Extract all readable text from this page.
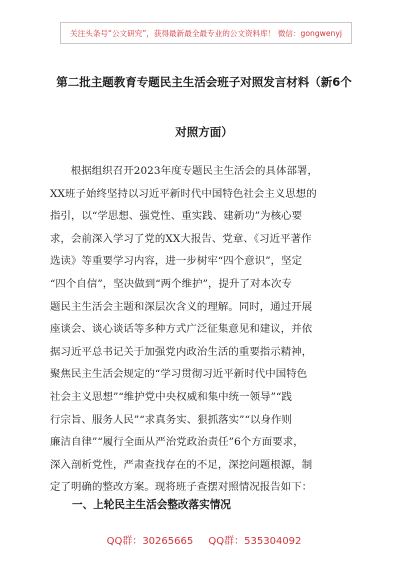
关注头条号“公文研究”，获得最新最全最专业的公文资料库！ 微信：gongwenyj
第二批主题教育专题民主生活会班子对照发言材料（新6个
对照方面）
根据组织召开2023年度专题民主生活会的具体部署，
XX班子始终坚持以习近平新时代中国特色社会主义思想的
指引，以“学思想、强党性、重实践、建新功”为核心要
求，会前深入学习了党的XX大报告、党章、《习近平著作
选读》等重要学习内容，进一步树牢“四个意识”，坚定
“四个自信”，坚决做到“两个维护”，提升了对本次专
题民主生活会主题和深层次含义的理解。同时，通过开展
座谈会、谈心谈话等多种方式广泛征集意见和建议，并依
据习近平总书记关于加强党内政治生活的重要指示精神，
聚焦民主生活会规定的“学习贯彻习近平新时代中国特色
社会主义思想”“维护党中央权威和集中统一领导”“践
行宗旨、服务人民”“求真务实、狠抓落实”“以身作则
廉洁自律”“履行全面从严治党政治责任”6个方面要求，
深入剖析党性，严肃查找存在的不足，深挖问题根源，制
定了明确的整改方案。现将班子查摆对照情况报告如下：
一、上轮民主生活会整改落实情况
QQ群：30265665 QQ群：535304092
